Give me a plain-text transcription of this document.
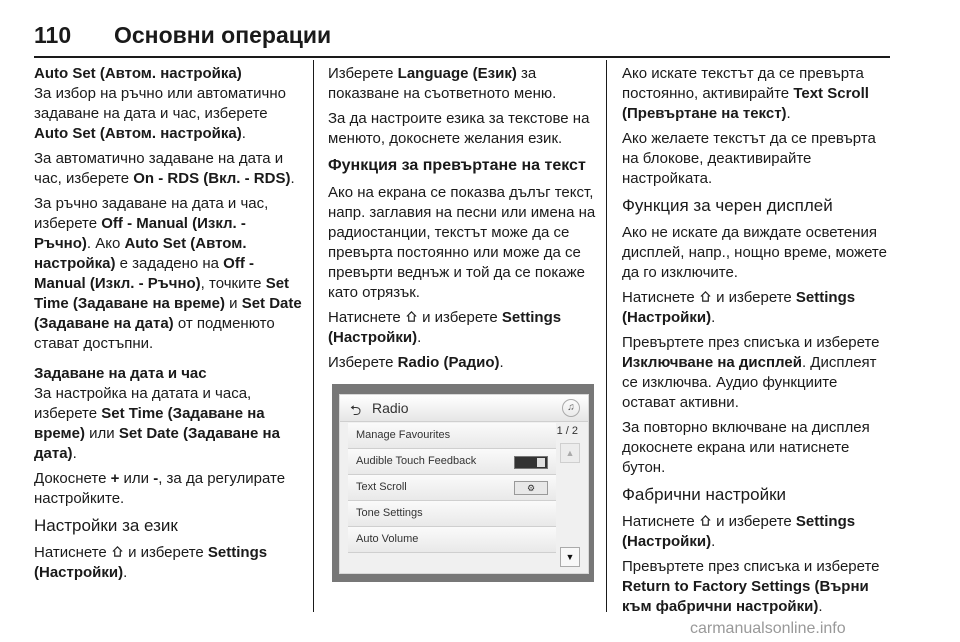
110 Основни операции

Auto Set (Автом. настройка)

За избор на ръчно или автоматично задаване на дата и час, изберете Auto Set (Автом. настройка).

За автоматично задаване на дата и час, изберете On - RDS (Вкл. - RDS).

За ръчно задаване на дата и час, изберете Off - Manual (Изкл. - Ръчно). Ако Auto Set (Автом. настройка) е зададено на Off - Manual (Изкл. - Ръчно), точките Set Time (Задаване на време) и Set Date (Задаване на дата) от подменюто стават достъпни.

Задаване на дата и час

За настройка на датата и часа, изберете Set Time (Задаване на време) или Set Date (Задаване на дата).

Докоснете + или -, за да регулирате настройките.

Настройки за език

Натиснете  и изберете Settings (Настройки).

Изберете Language (Език) за показване на съответното меню.

За да настроите езика за текстове на менюто, докоснете желания език.

Функция за превъртане на текст

Ако на екрана се показва дълъг текст, напр. заглавия на песни или имена на радиостанции, текстът може да се превърта постоянно или може да се превърти веднъж и той да се покаже като отрязък.

Натиснете  и изберете Settings (Настройки).

Изберете Radio (Радио).

⮌ Radio	♫
Manage Favourites
Audible Touch Feedback
Text Scroll	⚙
Tone Settings
Auto Volume
1 / 2
▲
▼

Ако искате текстът да се превърта постоянно, активирайте Text Scroll (Превъртане на текст).

Ако желаете текстът да се превърта на блокове, деактивирайте настройката.

Функция за черен дисплей

Ако не искате да виждате осветения дисплей, напр., нощно време, можете да го изключите.

Натиснете  и изберете Settings (Настройки).

Превъртете през списъка и изберете Изключване на дисплей. Дисплеят се изключва. Аудио функциите остават активни.

За повторно включване на дисплея докоснете екрана или натиснете бутон.

Фабрични настройки

Натиснете  и изберете Settings (Настройки).

Превъртете през списъка и изберете Return to Factory Settings (Върни към фабрични настройки).

carmanualsonline.info
